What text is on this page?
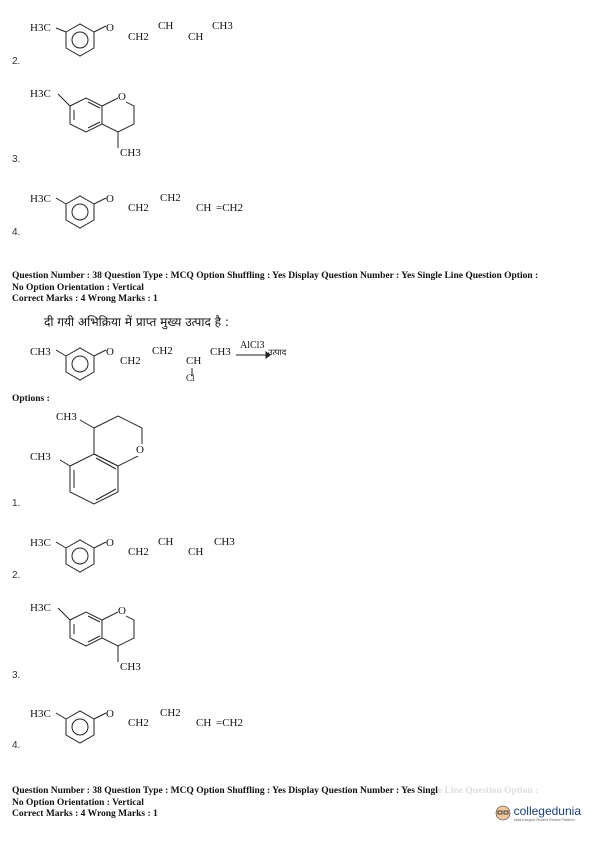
H3C	O
CH2
CH
CH
CH3
2.
H3C	O
CH3
3.
H3C	O
CH2
CH2
CH =CH2
4.
Question Number : 38 Question Type : MCQ Option Shuffling : Yes Display Question Number : Yes Single Line Question Option :
No Option Orientation : Vertical
Correct Marks : 4 Wrong Marks : 1
दी गयी अभिक्रिया में प्राप्त मुख्य उत्पाद है :
CH3	O
CH2
CH2
CH
CH3
Cl
AlCl3
उत्पाद
Options :
CH3
CH3
O
1.
H3C	O
CH2
CH
CH
CH3
2.
H3C	O
CH3
3.
H3C	O
CH2
CH2
CH =CH2
4.
Question Number : 38 Question Type : MCQ Option Shuffling : Yes Display Question Number : Yes Single Line Question Option :
No Option Orientation : Vertical
Correct Marks : 4 Wrong Marks : 1	collegedunia
India's largest Student Review Platform
